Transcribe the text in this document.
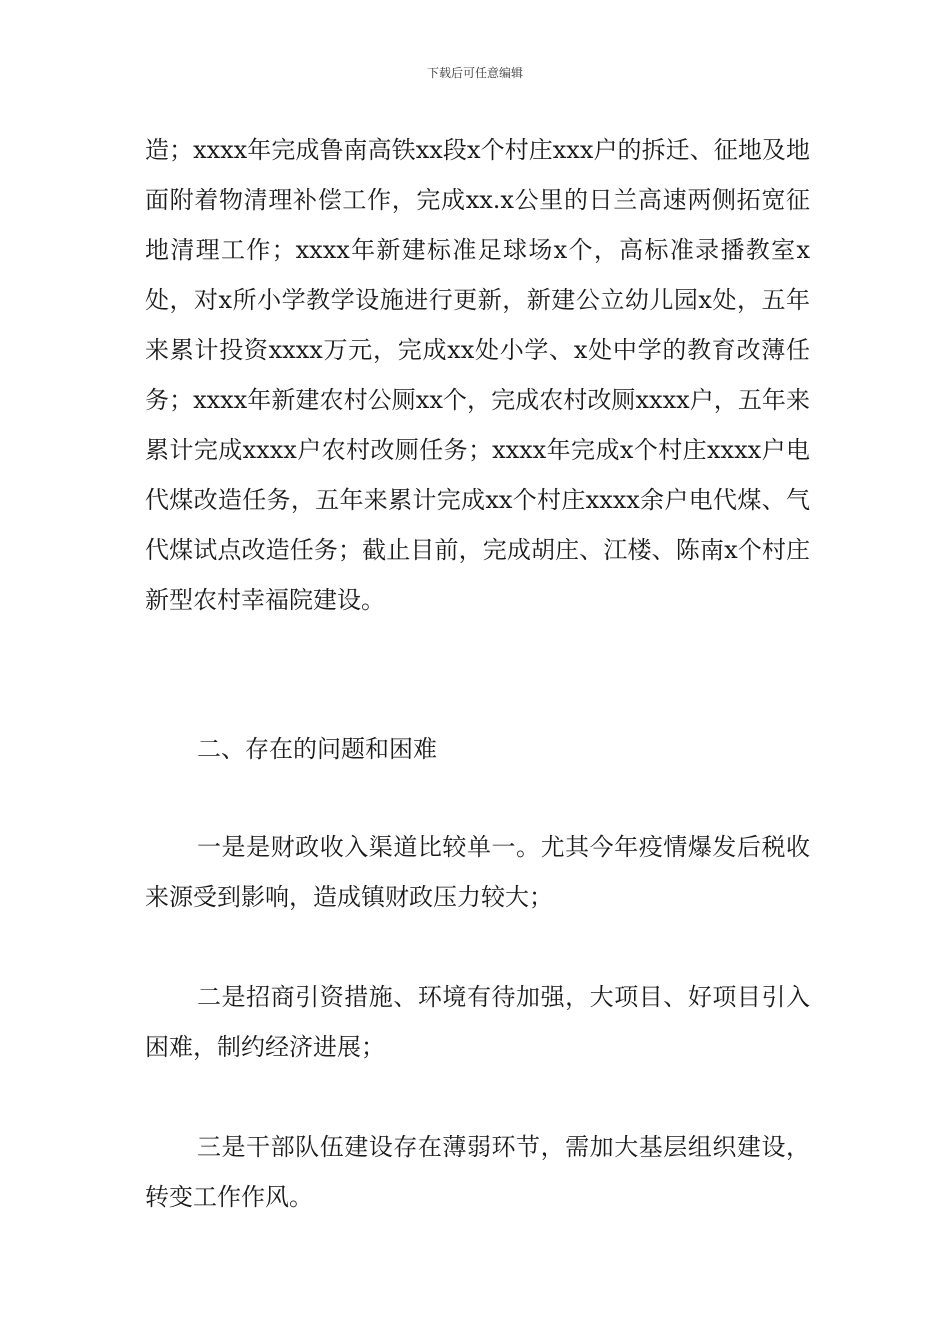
下载后可任意编辑

造；xxxx年完成鲁南高铁xx段x个村庄xxx户的拆迁、征地及地面附着物清理补偿工作，完成xx.x公里的日兰高速两侧拓宽征地清理工作；xxxx年新建标准足球场x个，高标准录播教室x处，对x所小学教学设施进行更新，新建公立幼儿园x处，五年来累计投资xxxx万元，完成xx处小学、x处中学的教育改薄任务；xxxx年新建农村公厕xx个，完成农村改厕xxxx户，五年来累计完成xxxx户农村改厕任务；xxxx年完成x个村庄xxxx户电代煤改造任务，五年来累计完成xx个村庄xxxx余户电代煤、气代煤试点改造任务；截止目前，完成胡庄、江楼、陈南x个村庄新型农村幸福院建设。

二、存在的问题和困难

一是是财政收入渠道比较单一。尤其今年疫情爆发后税收来源受到影响，造成镇财政压力较大；

二是招商引资措施、环境有待加强，大项目、好项目引入困难，制约经济进展；

三是干部队伍建设存在薄弱环节，需加大基层组织建设，转变工作作风。
